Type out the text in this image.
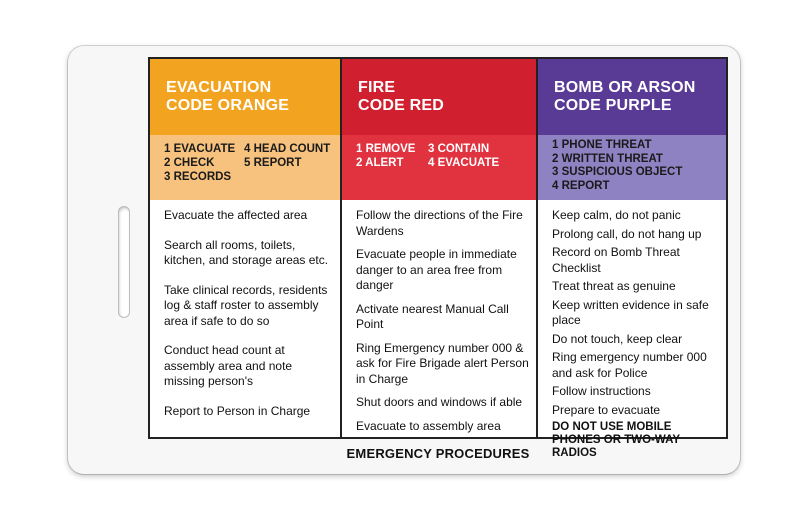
EVACUATION
CODE ORANGE
1 EVACUATE 4 HEAD COUNT
2 CHECK	5 REPORT
3 RECORDS

Evacuate the affected area

Search all rooms, toilets, kitchen, and storage areas etc.

Take clinical records, residents log & staff roster to assembly area if safe to do so

Conduct head count at assembly area and note missing person's

Report to Person in Charge

FIRE
CODE RED
1 REMOVE	3 CONTAIN
2 ALERT	4 EVACUATE

Follow the directions of the Fire Wardens

Evacuate people in immediate danger to an area free from danger

Activate nearest Manual Call Point

Ring Emergency number 000 & ask for Fire Brigade alert Person in Charge

Shut doors and windows if able

Evacuate to assembly area

BOMB OR ARSON
CODE PURPLE
1 PHONE THREAT
2 WRITTEN THREAT
3 SUSPICIOUS OBJECT
4 REPORT

Keep calm, do not panic

Prolong call, do not hang up

Record on Bomb Threat Checklist

Treat threat as genuine

Keep written evidence in safe place

Do not touch, keep clear

Ring emergency number 000 and ask for Police

Follow instructions

Prepare to evacuate

DO NOT USE MOBILE PHONES OR TWO-WAY RADIOS

EMERGENCY PROCEDURES
